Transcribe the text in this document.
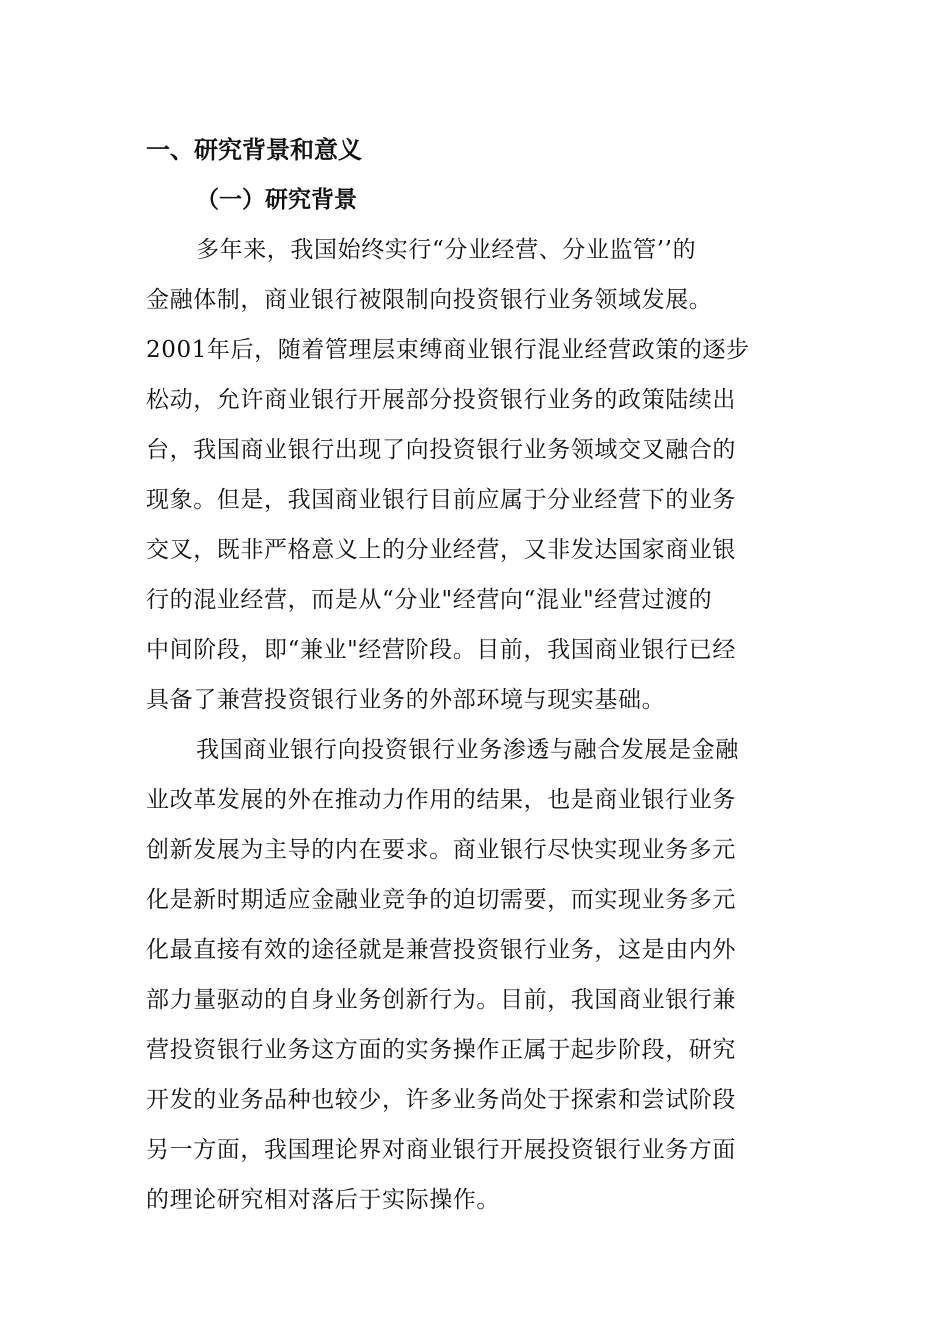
一、研究背景和意义
（一）研究背景

多年来，我国始终实行“分业经营、分业监管’’的

金融体制，商业银行被限制向投资银行业务领域发展。

2001年后，随着管理层束缚商业银行混业经营政策的逐步

松动，允许商业银行开展部分投资银行业务的政策陆续出

台，我国商业银行出现了向投资银行业务领域交叉融合的

现象。但是，我国商业银行目前应属于分业经营下的业务

交叉，既非严格意义上的分业经营，又非发达国家商业银

行的混业经营，而是从“分业"经营向“混业"经营过渡的

中间阶段，即“兼业"经营阶段。目前，我国商业银行已经

具备了兼营投资银行业务的外部环境与现实基础。

我国商业银行向投资银行业务渗透与融合发展是金融

业改革发展的外在推动力作用的结果，也是商业银行业务

创新发展为主导的内在要求。商业银行尽快实现业务多元

化是新时期适应金融业竞争的迫切需要，而实现业务多元

化最直接有效的途径就是兼营投资银行业务，这是由内外

部力量驱动的自身业务创新行为。目前，我国商业银行兼

营投资银行业务这方面的实务操作正属于起步阶段，研究

开发的业务品种也较少，许多业务尚处于探索和尝试阶段

另一方面，我国理论界对商业银行开展投资银行业务方面

的理论研究相对落后于实际操作。
